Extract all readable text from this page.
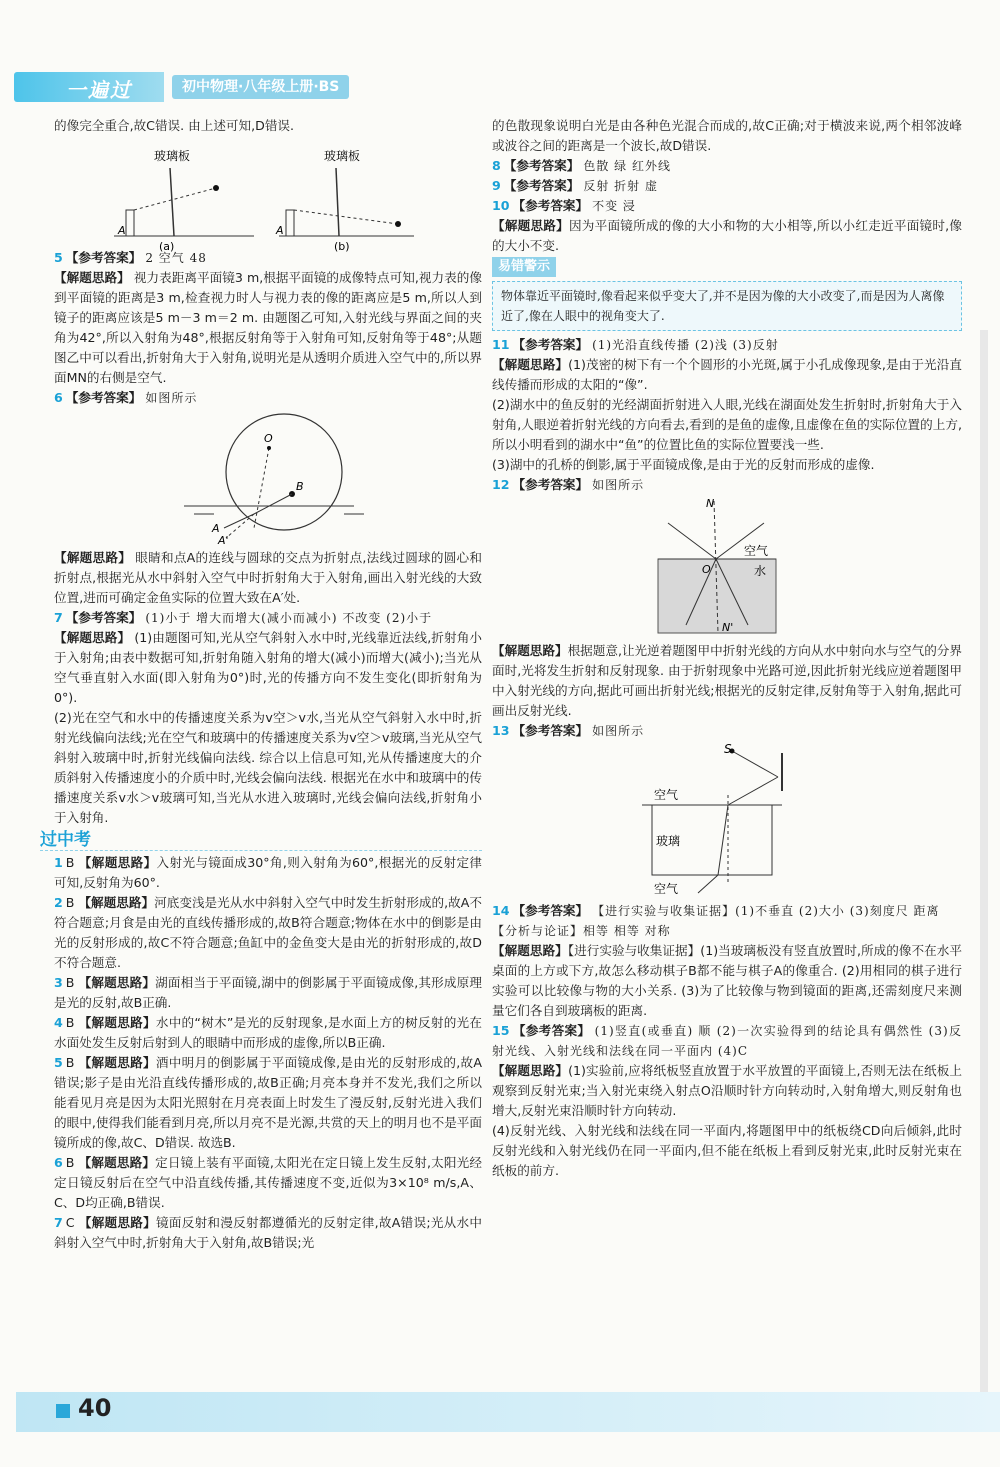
一遍过	初中物理·八年级上册·BS

的像完全重合,故C错误. 由上述可知,D错误.

玻璃板
A
(a)
玻璃板
A
(b)

5 【参考答案】 2 空气 48

【解题思路】 视力表距离平面镜3 m,根据平面镜的成像特点可知,视力表的像到平面镜的距离是3 m,检查视力时人与视力表的像的距离应是5 m,所以人到镜子的距离应该是5 m－3 m＝2 m. 由题图乙可知,入射光线与界面之间的夹角为42°,所以入射角为48°,根据反射角等于入射角可知,反射角等于48°;从题图乙中可以看出,折射角大于入射角,说明光是从透明介质进入空气中的,所以界面MN的右侧是空气.

6 【参考答案】 如图所示

O
B
A
A'

【解题思路】 眼睛和点A的连线与圆球的交点为折射点,法线过圆球的圆心和折射点,根据光从水中斜射入空气中时折射角大于入射角,画出入射光线的大致位置,进而可确定金鱼实际的位置大致在A′处.

7 【参考答案】 (1)小于 增大而增大(减小而减小) 不改变 (2)小于

【解题思路】 (1)由题图可知,光从空气斜射入水中时,光线靠近法线,折射角小于入射角;由表中数据可知,折射角随入射角的增大(减小)而增大(减小);当光从空气垂直射入水面(即入射角为0°)时,光的传播方向不发生变化(即折射角为0°).

(2)光在空气和水中的传播速度关系为v空＞v水,当光从空气斜射入水中时,折射光线偏向法线;光在空气和玻璃中的传播速度关系为v空＞v玻璃,当光从空气斜射入玻璃中时,折射光线偏向法线. 综合以上信息可知,光从传播速度大的介质斜射入传播速度小的介质中时,光线会偏向法线. 根据光在水中和玻璃中的传播速度关系v水＞v玻璃可知,当光从水进入玻璃时,光线会偏向法线,折射角小于入射角.

过中考

1 B 【解题思路】入射光与镜面成30°角,则入射角为60°,根据光的反射定律可知,反射角为60°.

2 B 【解题思路】河底变浅是光从水中斜射入空气中时发生折射形成的,故A不符合题意;月食是由光的直线传播形成的,故B符合题意;物体在水中的倒影是由光的反射形成的,故C不符合题意;鱼缸中的金鱼变大是由光的折射形成的,故D不符合题意.

3 B 【解题思路】湖面相当于平面镜,湖中的倒影属于平面镜成像,其形成原理是光的反射,故B正确.

4 B 【解题思路】水中的“树木”是光的反射现象,是水面上方的树反射的光在水面处发生反射后射到人的眼睛中而形成的虚像,所以B正确.

5 B 【解题思路】酒中明月的倒影属于平面镜成像,是由光的反射形成的,故A错误;影子是由光沿直线传播形成的,故B正确;月亮本身并不发光,我们之所以能看见月亮是因为太阳光照射在月亮表面上时发生了漫反射,反射光进入我们的眼中,使得我们能看到月亮,所以月亮不是光源,共赏的天上的明月也不是平面镜所成的像,故C、D错误. 故选B.

6 B 【解题思路】定日镜上装有平面镜,太阳光在定日镜上发生反射,太阳光经定日镜反射后在空气中沿直线传播,其传播速度不变,近似为3×10⁸ m/s,A、C、D均正确,B错误.

7 C 【解题思路】镜面反射和漫反射都遵循光的反射定律,故A错误;光从水中斜射入空气中时,折射角大于入射角,故B错误;光

的色散现象说明白光是由各种色光混合而成的,故C正确;对于横波来说,两个相邻波峰或波谷之间的距离是一个波长,故D错误.

8 【参考答案】 色散 绿 红外线

9 【参考答案】 反射 折射 虚

10 【参考答案】 不变 浸

【解题思路】因为平面镜所成的像的大小和物的大小相等,所以小红走近平面镜时,像的大小不变.

易错警示
物体靠近平面镜时,像看起来似乎变大了,并不是因为像的大小改变了,而是因为人离像近了,像在人眼中的视角变大了.

11 【参考答案】 (1)光沿直线传播 (2)浅 (3)反射

【解题思路】(1)茂密的树下有一个个圆形的小光斑,属于小孔成像现象,是由于光沿直线传播而形成的太阳的“像”.

(2)湖水中的鱼反射的光经湖面折射进入人眼,光线在湖面处发生折射时,折射角大于入射角,人眼逆着折射光线的方向看去,看到的是鱼的虚像,且虚像在鱼的实际位置的上方,所以小明看到的湖水中“鱼”的位置比鱼的实际位置要浅一些.

(3)湖中的孔桥的倒影,属于平面镜成像,是由于光的反射而形成的虚像.

12 【参考答案】 如图所示

N
N'
O
空气
水

【解题思路】根据题意,让光逆着题图甲中折射光线的方向从水中射向水与空气的分界面时,光将发生折射和反射现象. 由于折射现象中光路可逆,因此折射光线应逆着题图甲中入射光线的方向,据此可画出折射光线;根据光的反射定律,反射角等于入射角,据此可画出反射光线.

13 【参考答案】 如图所示

S
空气
玻璃
空气

14 【参考答案】 【进行实验与收集证据】(1)不垂直 (2)大小 (3)刻度尺 距离

【分析与论证】相等 相等 对称

【解题思路】【进行实验与收集证据】(1)当玻璃板没有竖直放置时,所成的像不在水平桌面的上方或下方,故怎么移动棋子B都不能与棋子A的像重合. (2)用相同的棋子进行实验可以比较像与物的大小关系. (3)为了比较像与物到镜面的距离,还需刻度尺来测量它们各自到玻璃板的距离.

15 【参考答案】 (1)竖直(或垂直) 顺 (2)一次实验得到的结论具有偶然性 (3)反射光线、入射光线和法线在同一平面内 (4)C

【解题思路】(1)实验前,应将纸板竖直放置于水平放置的平面镜上,否则无法在纸板上观察到反射光束;当入射光束绕入射点O沿顺时针方向转动时,入射角增大,则反射角也增大,反射光束沿顺时针方向转动.

(4)反射光线、入射光线和法线在同一平面内,将题图甲中的纸板绕CD向后倾斜,此时反射光线和入射光线仍在同一平面内,但不能在纸板上看到反射光束,此时反射光束在纸板的前方.

40
